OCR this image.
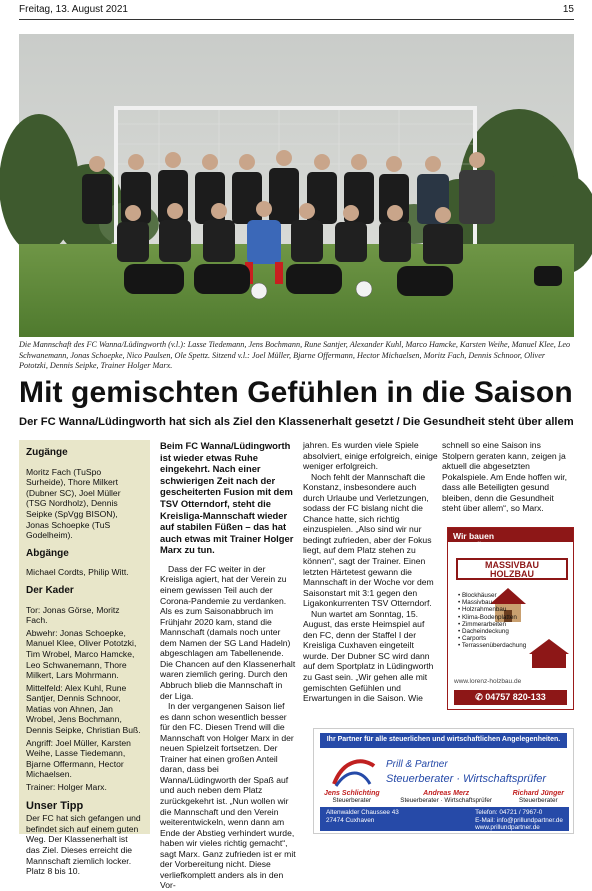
Freitag, 13. August 2021	15
Die Mannschaft des FC Wanna/Lüdingworth (v.l.): Lasse Tiedemann, Jens Bochmann, Rune Santjer, Alexander Kuhl, Marco Hamcke, Karsten Weihe, Manuel Klee, Leo Schwanemann, Jonas Schoepke, Nico Paulsen, Ole Spettz. Sitzend v.l.: Joel Müller, Bjarne Offermann, Hector Michaelsen, Moritz Fach, Dennis Schnoor, Oliver Pototzki, Dennis Seipke, Trainer Holger Marx.
Mit gemischten Gefühlen in die Saison
Der FC Wanna/Lüdingworth hat sich als Ziel den Klassenerhalt gesetzt / Die Gesundheit steht über allem
Zugänge

Moritz Fach (TuSpo Surheide), Thore Milkert (Dubner SC), Joel Müller (TSG Nordholz), Dennis Seipke (SpVgg BISON), Jonas Schoepke (TuS Godelheim).

Abgänge

Michael Cordts, Philip Witt.

Der Kader

Tor: Jonas Görse, Moritz Fach.

Abwehr: Jonas Schoepke, Manuel Klee, Oliver Pototzki, Tim Wrobel, Marco Hamcke, Leo Schwanemann, Thore Milkert, Lars Mohrmann.

Mittelfeld: Alex Kuhl, Rune Santjer, Dennis Schnoor, Matias von Ahnen, Jan Wrobel, Jens Bochmann, Dennis Seipke, Christian Buß.

Angriff: Joel Müller, Karsten Weihe, Lasse Tiedemann, Bjarne Offermann, Hector Michaelsen.

Trainer: Holger Marx.

Unser Tipp

Der FC hat sich gefangen und befindet sich auf einem guten Weg. Der Klassenerhalt ist das Ziel. Dieses erreicht die Mannschaft ziemlich locker. Platz 8 bis 10.

Beim FC Wanna/Lüdingworth ist wieder etwas Ruhe eingekehrt. Nach einer schwierigen Zeit nach der gescheiterten Fusion mit dem TSV Otterndorf, steht die Kreisliga-Mannschaft wieder auf stabilen Füßen – das hat auch etwas mit Trainer Holger Marx zu tun.

Dass der FC weiter in der Kreisliga agiert, hat der Verein zu einem gewissen Teil auch der Corona-Pandemie zu verdanken. Als es zum Saisonabbruch im Frühjahr 2020 kam, stand die Mannschaft (damals noch unter dem Namen der SG Land Hadeln) abgeschlagen am Tabellenende. Die Chancen auf den Klassenerhalt waren ziemlich gering. Durch den Abbruch blieb die Mannschaft in der Liga.

In der vergangenen Saison lief es dann schon wesentlich besser für den FC. Diesen Trend will die Mannschaft von Holger Marx in der neuen Spielzeit fortsetzen. Der Trainer hat einen großen Anteil daran, dass bei Wanna/Lüdingworth der Spaß auf und auch neben dem Platz zurückgekehrt ist. „Nun wollen wir die Mannschaft und den Verein weiterentwickeln, wenn dann am Ende der Abstieg verhindert wurde, haben wir vieles richtig gemacht“, sagt Marx. Ganz zufrieden ist er mit der Vorbereitung nicht. Diese verliefkomplett anders als in den Vor-

jahren. Es wurden viele Spiele absolviert, einige erfolgreich, einige weniger erfolgreich.

Noch fehlt der Mannschaft die Konstanz, insbesondere auch durch Urlaube und Verletzungen, sodass der FC bislang nicht die Chance hatte, sich richtig einzuspielen. „Also sind wir nur bedingt zufrieden, aber der Fokus liegt, auf dem Platz stehen zu können“, sagt der Trainer. Einen letzten Härtetest gewann die Mannschaft in der Woche vor dem Saisonstart mit 3:1 gegen den Ligakonkurrenten TSV Otterndorf.

Nun wartet am Sonntag, 15. August, das erste Heimspiel auf den FC, denn der Staffel I der Kreisliga Cuxhaven eingeteilt wurde. Der Dubner SC wird dann auf dem Sportplatz in Lüdingworth zu Gast sein. „Wir gehen alle mit gemischten Gefühlen und Erwartungen in die Saison. Wie

schnell so eine Saison ins Stolpern geraten kann, zeigen ja aktuell die abgesetzten Pokalspiele. Am Ende hoffen wir, dass alle Beteiligten gesund bleiben, denn die Gesundheit steht über allem“, so Marx.

Wir bauen SCHLÜSSELFERTIG!
MASSIVBAU
HOLZBAU
• Blockhäuser
• Massivbau
• Holzrahmenbau
• Klima-Bodenplatten
• Zimmerarbeiten
• Dacheindeckung
• Carports
• Terrassenüberdachung
www.lorenz-holzbau.de
✆ 04757 820-133
Ihr Partner für alle steuerlichen und wirtschaftlichen Angelegenheiten.
Prill & Partner
Steuerberater · Wirtschaftsprüfer
Jens Schlichting
Steuerberater
Andreas Merz
Steuerberater · Wirtschaftsprüfer
Richard Jünger
Steuerberater
Altenwalder Chaussee 43
27474 Cuxhaven
Telefon: 04721 / 7967-0
E-Mail: info@prillundpartner.de
www.prillundpartner.de
